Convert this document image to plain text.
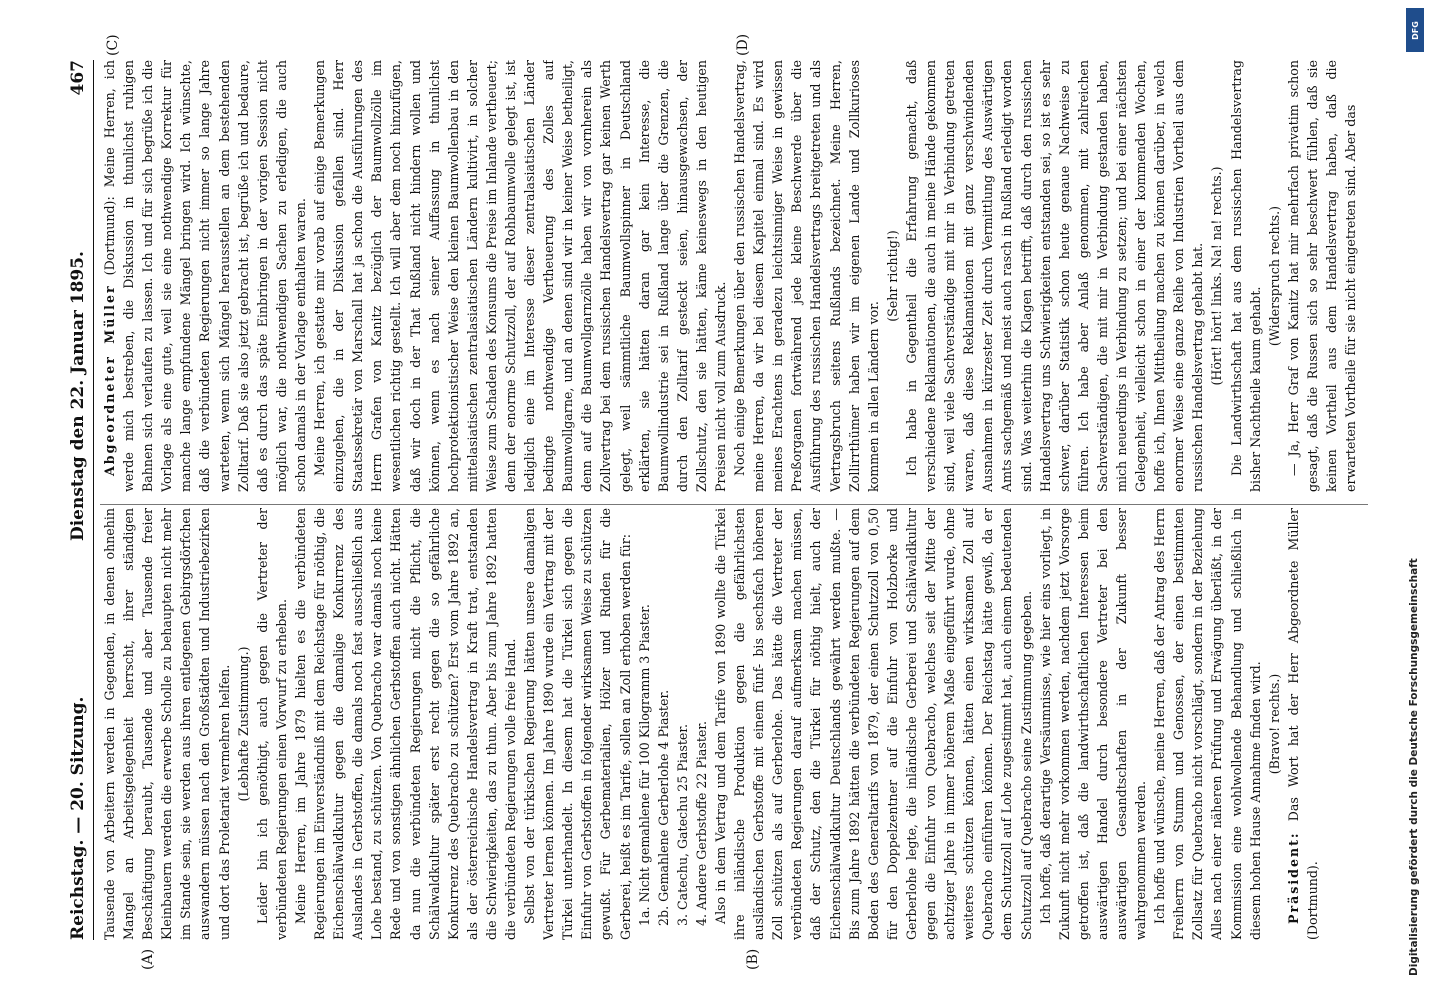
Reichstag. — 20. Sitzung.
Dienstag den 22. Januar 1895.
467
(A)	(B)
(C)	(D)

Tausende von Arbeitern werden in Gegenden, in denen ohnehin Mangel an Arbeitsgelegenheit herrscht, ihrer ständigen Beschäftigung beraubt, Tausende und aber Tausende freier Kleinbauern werden die erwerbe Scholle zu behaupten nicht mehr im Stande sein, sie werden aus ihren entlegenen Gebirgsdörfchen auswandern müssen nach den Großstädten und Industriebezirken und dort das Proletariat vermehren helfen. (Lebhafte Zustimmung.) Leider bin ich genöthigt, auch gegen die Vertreter der verbündeten Regierungen einen Vorwurf zu erheben. Meine Herren, im Jahre 1879 hielten es die verbündeten Regierungen im Einverständniß mit dem Reichstage für nöthig, die Eichenschälwaldkultur gegen die damalige Konkurrenz des Auslandes in Gerbstoffen, die damals noch fast ausschließlich aus Lohe bestand, zu schützen. Von Quebracho war damals noch keine Rede und von sonstigen ähnlichen Gerbstoffen auch nicht. Hätten da nun die verbündeten Regierungen nicht die Pflicht, die Schälwaldkultur später erst recht gegen die so gefährliche Konkurrenz des Quebracho zu schützen? Erst vom Jahre 1892 an, als der österreichische Handelsvertrag in Kraft trat, entstanden die Schwierigkeiten, das zu thun. Aber bis zum Jahre 1892 hatten die verbündeten Regierungen volle freie Hand. Selbst von der türkischen Regierung hätten unsere damaligen Vertreter lernen können. Im Jahre 1890 wurde ein Vertrag mit der Türkei unterhandelt. In diesem hat die Türkei sich gegen die Einfuhr von Gerbstoffen in folgender wirksamen Weise zu schützen gewußt. Für Gerbematerialien, Hölzer und Rinden für die Gerberei, heißt es im Tarife, sollen an Zoll erhoben werden für: 1a. Nicht gemahlene für 100 Kilogramm 3 Piaster. 2b. Gemahlene Gerberlohe 4 Piaster. 3. Catechu, Gatechu 25 Piaster. 4. Andere Gerbstoffe 22 Piaster. Also in dem Vertrag und dem Tarife von 1890 wollte die Türkei ihre inländische Produktion gegen die gefährlichsten ausländischen Gerbstoffe mit einem fünf- bis sechsfach höheren Zoll schützen als auf Gerberlohe. Das hätte die Vertreter der verbündeten Regierungen darauf aufmerksam machen müssen, daß der Schutz, den die Türkei für nöthig hielt, auch der Eichenschälwaldkultur Deutschlands gewährt werden mußte. — Bis zum Jahre 1892 hätten die verbündeten Regierungen auf dem Boden des Generaltarifs von 1879, der einen Schutzzoll von 0,50 für den Doppelzentner auf die Einfuhr von Holzborke und Gerberlohe legte, die inländische Gerberei und Schälwaldkultur gegen die Einfuhr von Quebracho, welches seit der Mitte der achtziger Jahre in immer höherem Maße eingeführt wurde, ohne weiteres schützen können, hätten einen wirksamen Zoll auf Quebracho einführen können. Der Reichstag hätte gewiß, da er dem Schutzzoll auf Lohe zugestimmt hat, auch einem bedeutenden Schutzzoll auf Quebracho seine Zustimmung gegeben. Ich hoffe, daß derartige Versäumnisse, wie hier eins vorliegt, in Zukunft nicht mehr vorkommen werden, nachdem jetzt Vorsorge getroffen ist, daß die landwirthschaftlichen Interessen beim auswärtigen Handel durch besondere Vertreter bei den auswärtigen Gesandtschaften in der Zukunft besser wahrgenommen werden. Ich hoffe und wünsche, meine Herren, daß der Antrag des Herrn Freiherrn von Stumm und Genossen, der einen bestimmten Zollsatz für Quebracho nicht vorschlägt, sondern in der Beziehung Alles nach einer näheren Prüfung und Erwägung überläßt, in der Kommission eine wohlwollende Behandlung und schließlich in diesem hohen Hause Annahme finden wird. (Bravo! rechts.)

Präsident: Das Wort hat der Herr Abgeordnete Müller (Dortmund).

Abgeordneter Müller (Dortmund): Meine Herren, ich werde mich bestreben, die Diskussion in thunlichst ruhigen Bahnen sich verlaufen zu lassen. Ich und für sich begrüße ich die Vorlage als eine gute, weil sie eine nothwendige Korrektur für manche lange empfundene Mängel bringen wird. Ich wünschte, daß die verbündeten Regierungen nicht immer so lange Jahre warteten, wenn sich Mängel herausstellen an dem bestehenden Zolltarif. Daß sie also jetzt gebracht ist, begrüße ich und bedaure, daß es durch das späte Einbringen in der vorigen Session nicht möglich war, die nothwendigen Sachen zu erledigen, die auch schon damals in der Vorlage enthalten waren. Meine Herren, ich gestatte mir vorab auf einige Bemerkungen einzugehen, die in der Diskussion gefallen sind. Herr Staatssekretär von Marschall hat ja schon die Ausführungen des Herrn Grafen von Kanitz bezüglich der Baumwollzölle im wesentlichen richtig gestellt. Ich will aber dem noch hinzufügen, daß wir doch in der That Rußland nicht hindern wollen und können, wenn es nach seiner Auffassung in thunlichst hochprotektionistischer Weise den kleinen Baumwollenbau in den mittelasiatischen zentralasiatischen Ländern kultivirt, in solcher Weise zum Schaden des Konsums die Preise im Inlande vertheuert; denn der enorme Schutzzoll, der auf Rohbaumwolle gelegt ist, ist lediglich eine im Interesse dieser zentralasiatischen Länder bedingte nothwendige Vertheuerung des Zolles auf Baumwollgarne, und an denen sind wir in keiner Weise betheiligt, denn auf die Baumwollgarnzölle haben wir von vornherein als Zollvertrag bei dem russischen Handelsvertrag gar keinen Werth gelegt, weil sämmtliche Baumwollspinner in Deutschland erklärten, sie hätten daran gar kein Interesse, die Baumwollindustrie sei in Rußland lange über die Grenzen, die durch den Zolltarif gesteckt seien, hinausgewachsen, der Zollschutz, den sie hätten, käme keineswegs in den heutigen Preisen nicht voll zum Ausdruck. Noch einige Bemerkungen über den russischen Handelsvertrag, meine Herren, da wir bei diesem Kapitel einmal sind. Es wird meines Erachtens in geradezu leichtsinniger Weise in gewissen Preßorganen fortwährend jede kleine Beschwerde über die Ausführung des russischen Handelsvertrags breitgetreten und als Vertragsbruch seitens Rußlands bezeichnet. Meine Herren, Zollirrthümer haben wir im eigenen Lande und Zollkurioses kommen in allen Ländern vor.

(Sehr richtig!) Ich habe in Gegentheil die Erfahrung gemacht, daß verschiedene Reklamationen, die auch in meine Hände gekommen sind, weil viele Sachverständige mit mir in Verbindung getreten waren, daß diese Reklamationen mit ganz verschwindenden Ausnahmen in kürzester Zeit durch Vermittlung des Auswärtigen Amts sachgemäß und meist auch rasch in Rußland erledigt worden sind. Was weiterhin die Klagen betrifft, daß durch den russischen Handelsvertrag uns Schwierigkeiten entstanden sei, so ist es sehr schwer, darüber Statistik schon heute genaue Nachweise zu führen. Ich habe aber Anlaß genommen, mit zahlreichen Sachverständigen, die mit mir in Verbindung gestanden haben, mich neuerdings in Verbindung zu setzen; und bei einer nächsten Gelegenheit, vielleicht schon in einer der kommenden Wochen, hoffe ich, Ihnen Mittheilung machen zu können darüber, in welch enormer Weise eine ganze Reihe von Industrien Vortheil aus dem russischen Handelsvertrag gehabt hat. (Hört! hört! links. Na! na! rechts.) Die Landwirthschaft hat aus dem russischen Handelsvertrag bisher Nachtheile kaum gehabt.

(Widerspruch rechts.) — Ja, Herr Graf von Kanitz hat mir mehrfach privatim schon gesagt, daß die Russen sich so sehr beschwert fühlen, daß sie keinen Vortheil aus dem Handelsvertrag haben, daß die erwarteten Vortheile für sie nicht eingetreten sind. Aber das

DFG
Digitalisierung gefördert durch die Deutsche Forschungsgemeinschaft
